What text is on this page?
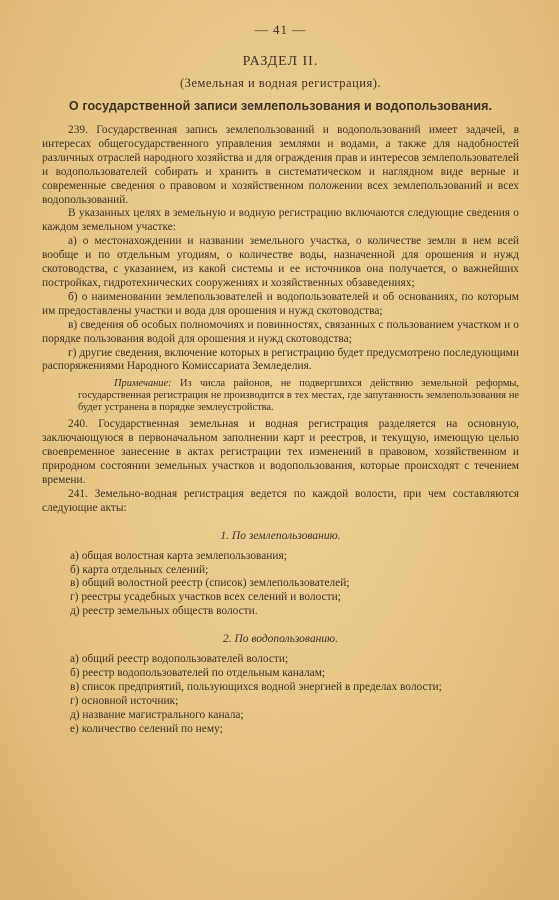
— 41 —
РАЗДЕЛ II.
(Земельная и водная регистрация).
О государственной записи землепользования и водопользования.

239. Государственная запись землепользований и водопользований имеет задачей, в интересах общегосударственного управления землями и водами, а также для надобностей различных отраслей народного хозяйства и для ограждения прав и интересов землепользователей и водопользователей собирать и хранить в систематическом и наглядном виде верные и современные сведения о правовом и хозяйственном положении всех землепользований и всех водопользований.

В указанных целях в земельную и водную регистрацию включаются следующие сведения о каждом земельном участке:

а) о местонахождении и названии земельного участка, о количестве земли в нем всей вообще и по отдельным угодиям, о количестве воды, назначенной для орошения и нужд скотоводства, с указанием, из какой системы и ее источников она получается, о важнейших постройках, гидротехнических сооружениях и хозяйственных обзаведениях;

б) о наименовании землепользователей и водопользователей и об основаниях, по которым им предоставлены участки и вода для орошения и нужд скотоводства;

в) сведения об особых полномочиях и повинностях, связанных с пользованием участком и о порядке пользования водой для орошения и нужд скотоводства;

г) другие сведения, включение которых в регистрацию будет предусмотрено последующими распоряжениями Народного Комиссариата Земледелия.

Примечание: Из числа районов, не подвергшихся действию земельной реформы, государственная регистрация не производится в тех местах, где запутанность землепользования не будет устранена в порядке землеустройства.

240. Государственная земельная и водная регистрация разделяется на основную, заключающуюся в первоначальном заполнении карт и реестров, и текущую, имеющую целью своевременное занесение в актах регистрации тех изменений в правовом, хозяйственном и природном состоянии земельных участков и водопользования, которые происходят с течением времени.

241. Земельно-водная регистрация ведется по каждой волости, при чем составляются следующие акты:

1. По землепользованию.
а) общая волостная карта землепользования;
б) карта отдельных селений;
в) общий волостной реестр (список) землепользователей;
г) реестры усадебных участков всех селений и волости;
д) реестр земельных обществ волости.
2. По водопользованию.
а) общий реестр водопользователей волости;
б) реестр водопользователей по отдельным каналам;
в) список предприятий, пользующихся водной энергией в пределах волости;
г) основной источник;
д) название магистрального канала;
е) количество селений по нему;
